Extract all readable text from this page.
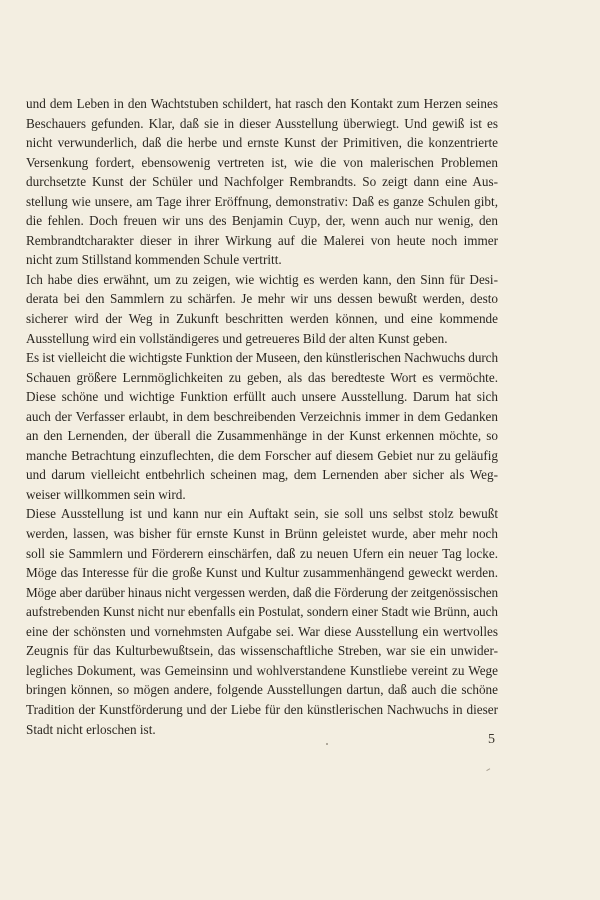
und dem Leben in den Wachtstuben schildert, hat rasch den Kontakt zum Herzen seines
Beschauers gefunden. Klar, daß sie in dieser Ausstellung überwiegt. Und gewiß ist es
nicht verwunderlich, daß die herbe und ernste Kunst der Primitiven, die konzentrierte
Versenkung fordert, ebensowenig vertreten ist, wie die von malerischen Problemen
durchsetzte Kunst der Schüler und Nachfolger Rembrandts. So zeigt dann eine Aus-
stellung wie unsere, am Tage ihrer Eröffnung, demonstrativ: Daß es ganze Schulen gibt,
die fehlen. Doch freuen wir uns des Benjamin Cuyp, der, wenn auch nur wenig, den
Rembrandtcharakter dieser in ihrer Wirkung auf die Malerei von heute noch immer
nicht zum Stillstand kommenden Schule vertritt.
Ich habe dies erwähnt, um zu zeigen, wie wichtig es werden kann, den Sinn für Desi-
derata bei den Sammlern zu schärfen. Je mehr wir uns dessen bewußt werden, desto
sicherer wird der Weg in Zukunft beschritten werden können, und eine kommende
Ausstellung wird ein vollständigeres und getreueres Bild der alten Kunst geben.
Es ist vielleicht die wichtigste Funktion der Museen, den künstlerischen Nachwuchs durch
Schauen größere Lernmöglichkeiten zu geben, als das beredteste Wort es vermöchte.
Diese schöne und wichtige Funktion erfüllt auch unsere Ausstellung. Darum hat sich
auch der Verfasser erlaubt, in dem beschreibenden Verzeichnis immer in dem Gedanken
an den Lernenden, der überall die Zusammenhänge in der Kunst erkennen möchte, so
manche Betrachtung einzuflechten, die dem Forscher auf diesem Gebiet nur zu geläufig
und darum vielleicht entbehrlich scheinen mag, dem Lernenden aber sicher als Weg-
weiser willkommen sein wird.
Diese Ausstellung ist und kann nur ein Auftakt sein, sie soll uns selbst stolz bewußt
werden, lassen, was bisher für ernste Kunst in Brünn geleistet wurde, aber mehr noch
soll sie Sammlern und Förderern einschärfen, daß zu neuen Ufern ein neuer Tag locke.
Möge das Interesse für die große Kunst und Kultur zusammenhängend geweckt werden.
Möge aber darüber hinaus nicht vergessen werden, daß die Förderung der zeitgenössischen
aufstrebenden Kunst nicht nur ebenfalls ein Postulat, sondern einer Stadt wie Brünn, auch
eine der schönsten und vornehmsten Aufgabe sei. War diese Ausstellung ein wertvolles
Zeugnis für das Kulturbewußtsein, das wissenschaftliche Streben, war sie ein unwider-
legliches Dokument, was Gemeinsinn und wohlverstandene Kunstliebe vereint zu Wege
bringen können, so mögen andere, folgende Ausstellungen dartun, daß auch die schöne
Tradition der Kunstförderung und der Liebe für den künstlerischen Nachwuchs in dieser
Stadt nicht erloschen ist.
5
